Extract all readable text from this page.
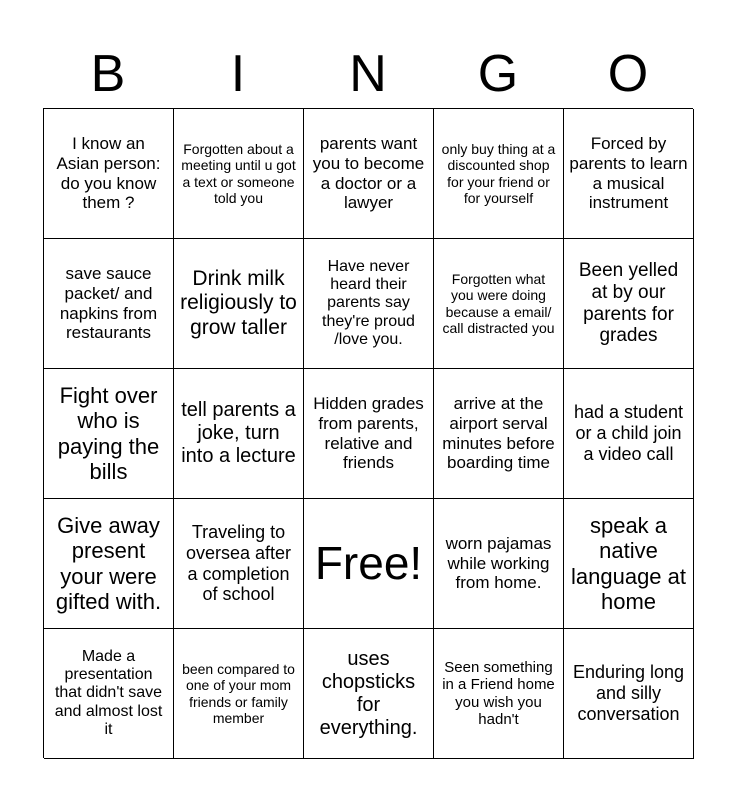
B	I	N	G	O
I know an Asian person: do you know them ?
Forgotten about a meeting until u got a text or someone told you
parents want you to become a doctor or a lawyer
only buy thing at a discounted shop for your friend or for yourself
Forced by parents to learn a musical instrument
save sauce packet/ and napkins from restaurants
Drink milk religiously to grow taller
Have never heard their parents say they're proud /love you.
Forgotten what you were doing because a email/ call distracted you
Been yelled at by our parents for grades
Fight over who is paying the bills
tell parents a joke, turn into a lecture
Hidden grades from parents, relative and friends
arrive at the airport serval minutes before boarding time
had a student or a child join a video call
Give away present your were gifted with.
Traveling to oversea after a completion of school
Free!	worn pajamas while working from home.
speak a native language at home
Made a presentation that didn't save and almost lost it
been compared to one of your mom friends or family member
uses chopsticks for everything.
Seen something in a Friend home you wish you hadn't
Enduring long and silly conversation
